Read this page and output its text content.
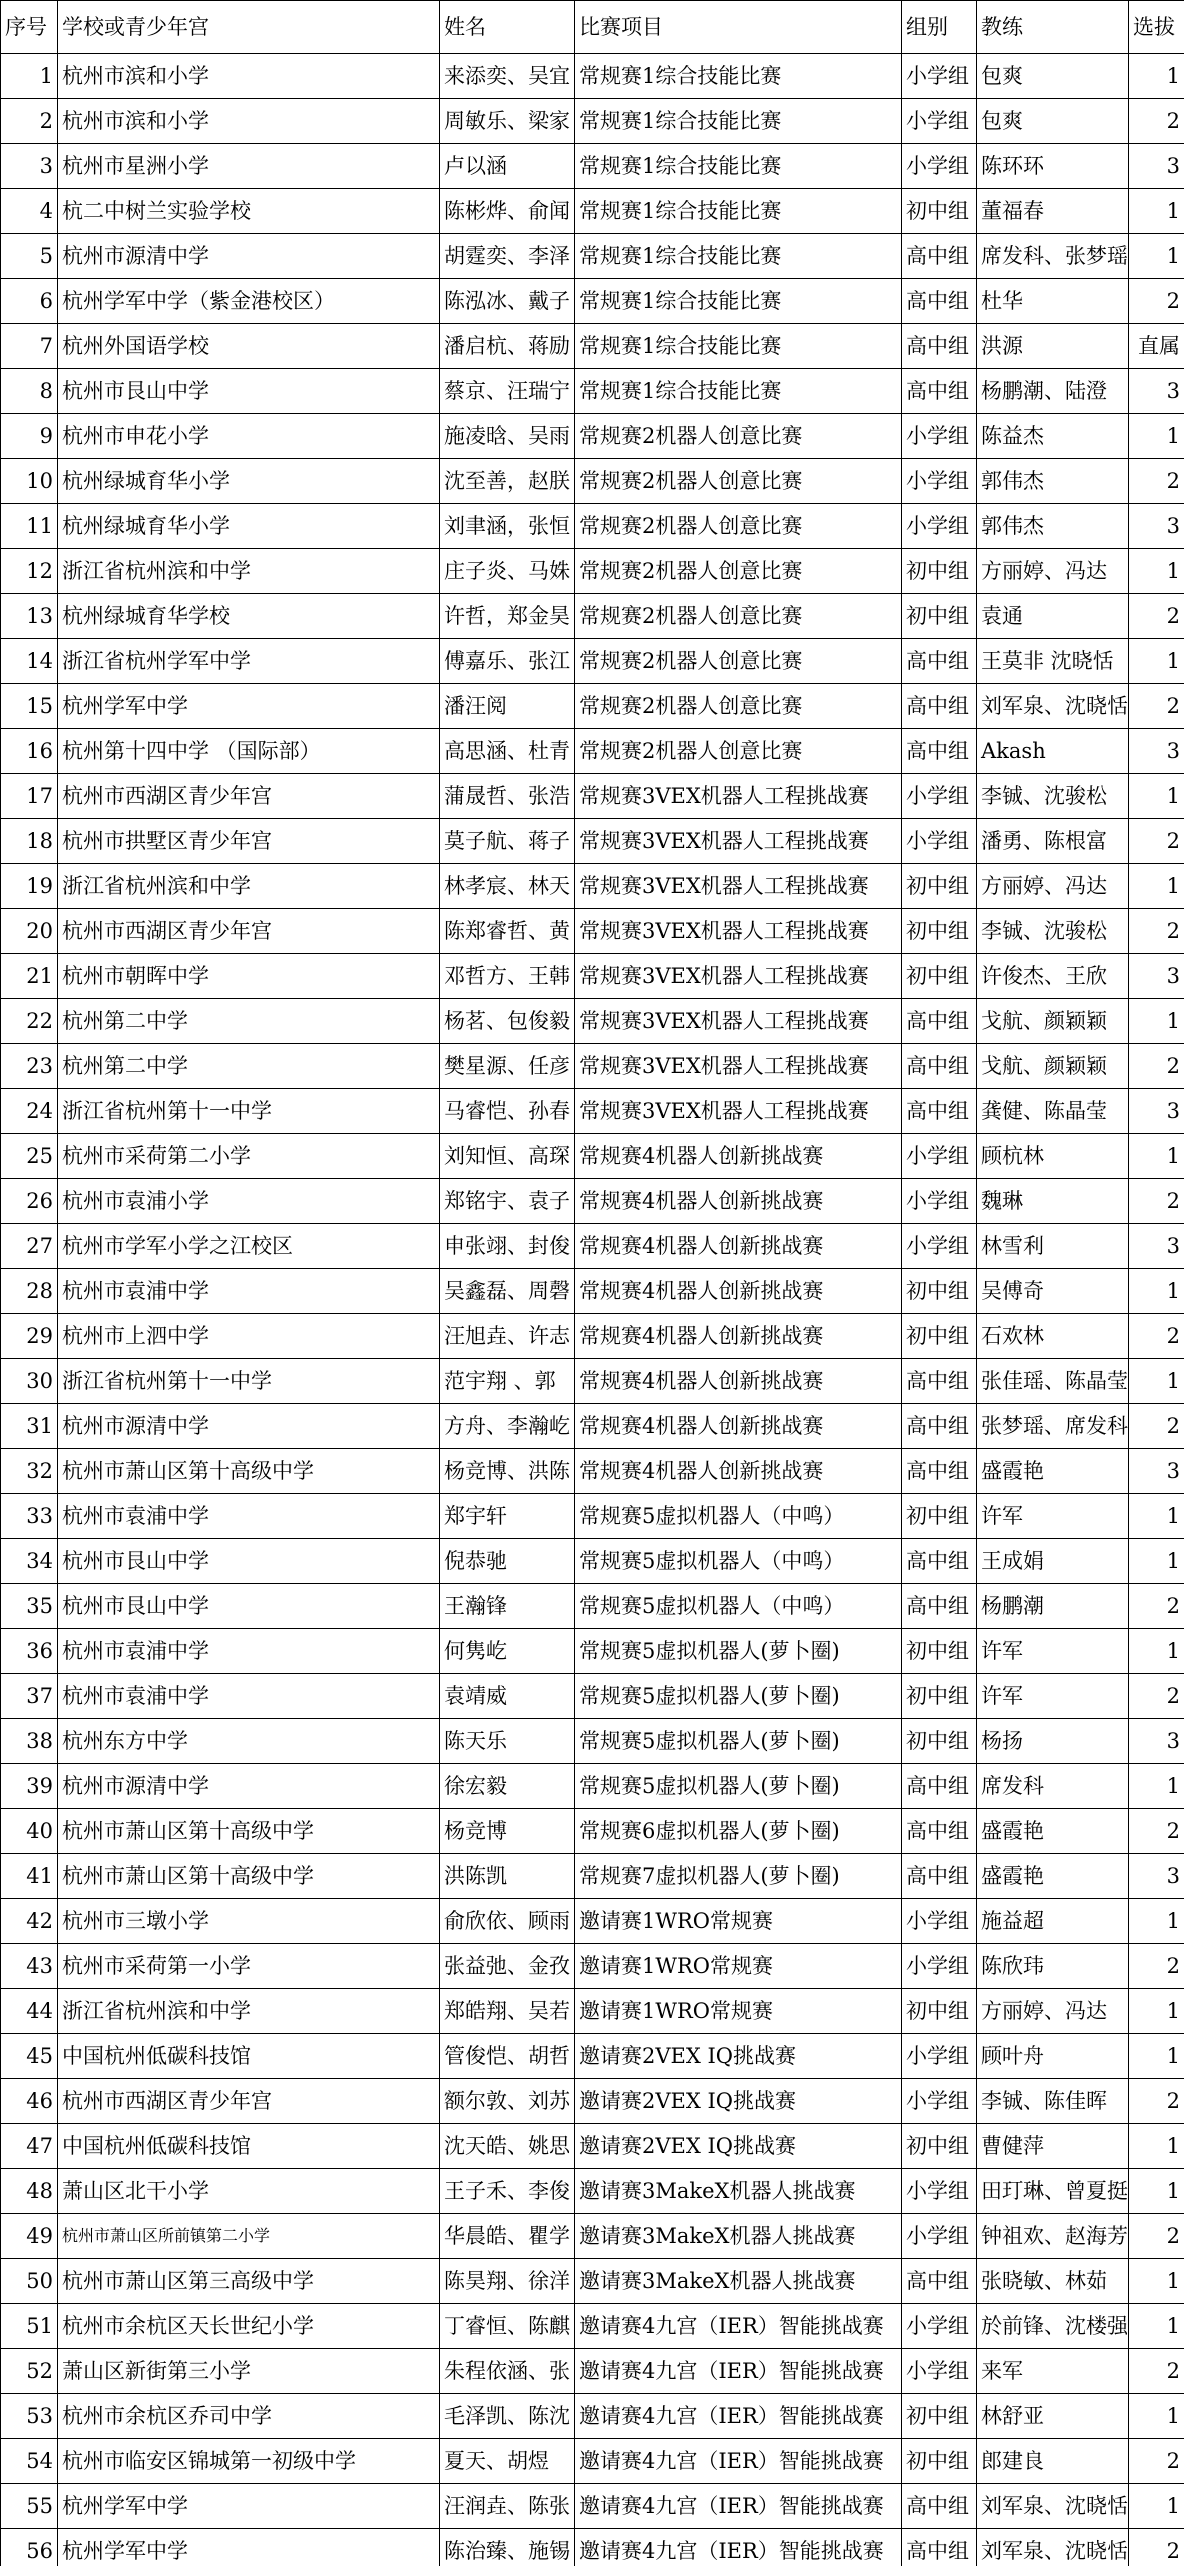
序号	学校或青少年宫	姓名	比赛项目	组别	教练	选拔
1	杭州市滨和小学	来添奕、吴宜	常规赛1综合技能比赛	小学组	包爽	1
2	杭州市滨和小学	周敏乐、梁家	常规赛1综合技能比赛	小学组	包爽	2
3	杭州市星洲小学	卢以涵	常规赛1综合技能比赛	小学组	陈环环	3
4	杭二中树兰实验学校	陈彬烨、俞闻	常规赛1综合技能比赛	初中组	董福春	1
5	杭州市源清中学	胡霆奕、李泽	常规赛1综合技能比赛	高中组	席发科、张梦瑶	1
6	杭州学军中学（紫金港校区）	陈泓冰、戴子	常规赛1综合技能比赛	高中组	杜华	2
7	杭州外国语学校	潘启杭、蒋励	常规赛1综合技能比赛	高中组	洪源	直属
8	杭州市艮山中学	蔡京、汪瑞宁	常规赛1综合技能比赛	高中组	杨鹏潮、陆澄	3
9	杭州市申花小学	施凌晗、吴雨	常规赛2机器人创意比赛	小学组	陈益杰	1
10	杭州绿城育华小学	沈至善，赵朕	常规赛2机器人创意比赛	小学组	郭伟杰	2
11	杭州绿城育华小学	刘聿涵，张恒	常规赛2机器人创意比赛	小学组	郭伟杰	3
12	浙江省杭州滨和中学	庄子炎、马姝	常规赛2机器人创意比赛	初中组	方丽婷、冯达	1
13	杭州绿城育华学校	许哲，郑金昊	常规赛2机器人创意比赛	初中组	袁通	2
14	浙江省杭州学军中学	傅嘉乐、张江	常规赛2机器人创意比赛	高中组	王莫非 沈晓恬	1
15	杭州学军中学	潘汪阅	常规赛2机器人创意比赛	高中组	刘军泉、沈晓恬	2
16	杭州第十四中学 （国际部）	高思涵、杜青	常规赛2机器人创意比赛	高中组	Akash	3
17	杭州市西湖区青少年宫	蒲晟哲、张浩	常规赛3VEX机器人工程挑战赛	小学组	李铖、沈骏松	1
18	杭州市拱墅区青少年宫	莫子航、蒋子	常规赛3VEX机器人工程挑战赛	小学组	潘勇、陈根富	2
19	浙江省杭州滨和中学	林孝宸、林天	常规赛3VEX机器人工程挑战赛	初中组	方丽婷、冯达	1
20	杭州市西湖区青少年宫	陈郑睿哲、黄	常规赛3VEX机器人工程挑战赛	初中组	李铖、沈骏松	2
21	杭州市朝晖中学	邓哲方、王韩	常规赛3VEX机器人工程挑战赛	初中组	许俊杰、王欣	3
22	杭州第二中学	杨茗、包俊毅	常规赛3VEX机器人工程挑战赛	高中组	戈航、颜颖颖	1
23	杭州第二中学	樊星源、任彦	常规赛3VEX机器人工程挑战赛	高中组	戈航、颜颖颖	2
24	浙江省杭州第十一中学	马睿恺、孙春	常规赛3VEX机器人工程挑战赛	高中组	龚健、陈晶莹	3
25	杭州市采荷第二小学	刘知恒、高琛	常规赛4机器人创新挑战赛	小学组	顾杭林	1
26	杭州市袁浦小学	郑铭宇、袁子	常规赛4机器人创新挑战赛	小学组	魏琳	2
27	杭州市学军小学之江校区	申张翊、封俊	常规赛4机器人创新挑战赛	小学组	林雪利	3
28	杭州市袁浦中学	吴鑫磊、周磬	常规赛4机器人创新挑战赛	初中组	吴傅奇	1
29	杭州市上泗中学	汪旭垚、许志	常规赛4机器人创新挑战赛	初中组	石欢林	2
30	浙江省杭州第十一中学	范宇翔 、郭	常规赛4机器人创新挑战赛	高中组	张佳瑶、陈晶莹	1
31	杭州市源清中学	方舟、李瀚屹	常规赛4机器人创新挑战赛	高中组	张梦瑶、席发科	2
32	杭州市萧山区第十高级中学	杨竞博、洪陈	常规赛4机器人创新挑战赛	高中组	盛霞艳	3
33	杭州市袁浦中学	郑宇轩	常规赛5虚拟机器人（中鸣）	初中组	许军	1
34	杭州市艮山中学	倪恭驰	常规赛5虚拟机器人（中鸣）	高中组	王成娟	1
35	杭州市艮山中学	王瀚锋	常规赛5虚拟机器人（中鸣）	高中组	杨鹏潮	2
36	杭州市袁浦中学	何隽屹	常规赛5虚拟机器人(萝卜圈)	初中组	许军	1
37	杭州市袁浦中学	袁靖威	常规赛5虚拟机器人(萝卜圈)	初中组	许军	2
38	杭州东方中学	陈天乐	常规赛5虚拟机器人(萝卜圈)	初中组	杨扬	3
39	杭州市源清中学	徐宏毅	常规赛5虚拟机器人(萝卜圈)	高中组	席发科	1
40	杭州市萧山区第十高级中学	杨竞博	常规赛6虚拟机器人(萝卜圈)	高中组	盛霞艳	2
41	杭州市萧山区第十高级中学	洪陈凯	常规赛7虚拟机器人(萝卜圈)	高中组	盛霞艳	3
42	杭州市三墩小学	俞欣依、顾雨	邀请赛1WRO常规赛	小学组	施益超	1
43	杭州市采荷第一小学	张益弛、金孜	邀请赛1WRO常规赛	小学组	陈欣玮	2
44	浙江省杭州滨和中学	郑皓翔、吴若	邀请赛1WRO常规赛	初中组	方丽婷、冯达	1
45	中国杭州低碳科技馆	管俊恺、胡哲	邀请赛2VEX IQ挑战赛	小学组	顾叶舟	1
46	杭州市西湖区青少年宫	额尔敦、刘苏	邀请赛2VEX IQ挑战赛	小学组	李铖、陈佳晖	2
47	中国杭州低碳科技馆	沈天皓、姚思	邀请赛2VEX IQ挑战赛	初中组	曹健萍	1
48	萧山区北干小学	王子禾、李俊	邀请赛3MakeX机器人挑战赛	小学组	田玎琳、曾夏挺	1
49	杭州市萧山区所前镇第二小学	华晨皓、瞿学	邀请赛3MakeX机器人挑战赛	小学组	钟祖欢、赵海芳	2
50	杭州市萧山区第三高级中学	陈昊翔、徐洋	邀请赛3MakeX机器人挑战赛	高中组	张晓敏、林茹	1
51	杭州市余杭区天长世纪小学	丁睿恒、陈麒	邀请赛4九宫（IER）智能挑战赛	小学组	於前锋、沈楼强	1
52	萧山区新街第三小学	朱程依涵、张	邀请赛4九宫（IER）智能挑战赛	小学组	来军	2
53	杭州市余杭区乔司中学	毛泽凯、陈沈	邀请赛4九宫（IER）智能挑战赛	初中组	林舒亚	1
54	杭州市临安区锦城第一初级中学	夏天、胡煜	邀请赛4九宫（IER）智能挑战赛	初中组	郎建良	2
55	杭州学军中学	汪润垚、陈张	邀请赛4九宫（IER）智能挑战赛	高中组	刘军泉、沈晓恬	1
56	杭州学军中学	陈治臻、施锡	邀请赛4九宫（IER）智能挑战赛	高中组	刘军泉、沈晓恬	2
